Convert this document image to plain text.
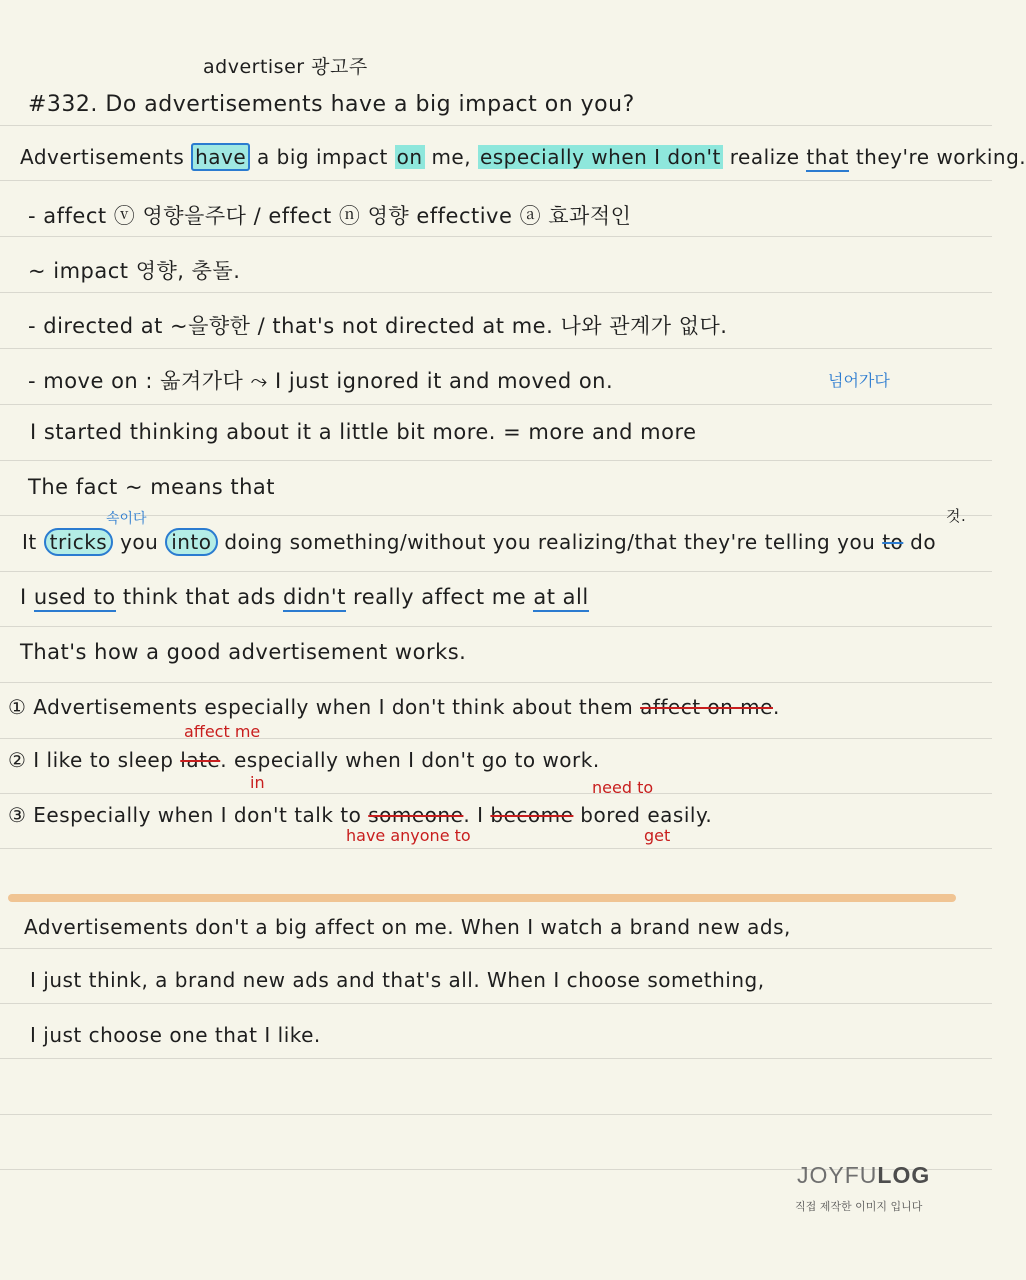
advertiser 광고주
#332. Do advertisements have a big impact on you?
Advertisements have a big impact on me, especially when I don't realize that they're working.
- affect ⓥ 영향을주다 / effect ⓝ 영향 effective ⓐ 효과적인
~ impact 영향, 충돌.
- directed at ~을향한 / that's not directed at me. 나와 관계가 없다.
- move on : 옮겨가다 ⤳ I just ignored it and moved on.	넘어가다
I started thinking about it a little bit more. = more and more
The fact ~ means that
속이다	것.
It tricks you into doing something/without you realizing/that they're telling you to do
I used to think that ads didn't really affect me at all
That's how a good advertisement works.
① Advertisements especially when I don't think about them affect on me.
affect me
② I like to sleep late. especially when I don't go to work.
in	need to
③ Eespecially when I don't talk to someone. I become bored easily.
have anyone to	get
Advertisements don't a big affect on me. When I watch a brand new ads,
I just think, a brand new ads and that's all. When I choose something,
I just choose one that I like.
JOYFULOG
직접 제작한 이미지 입니다
